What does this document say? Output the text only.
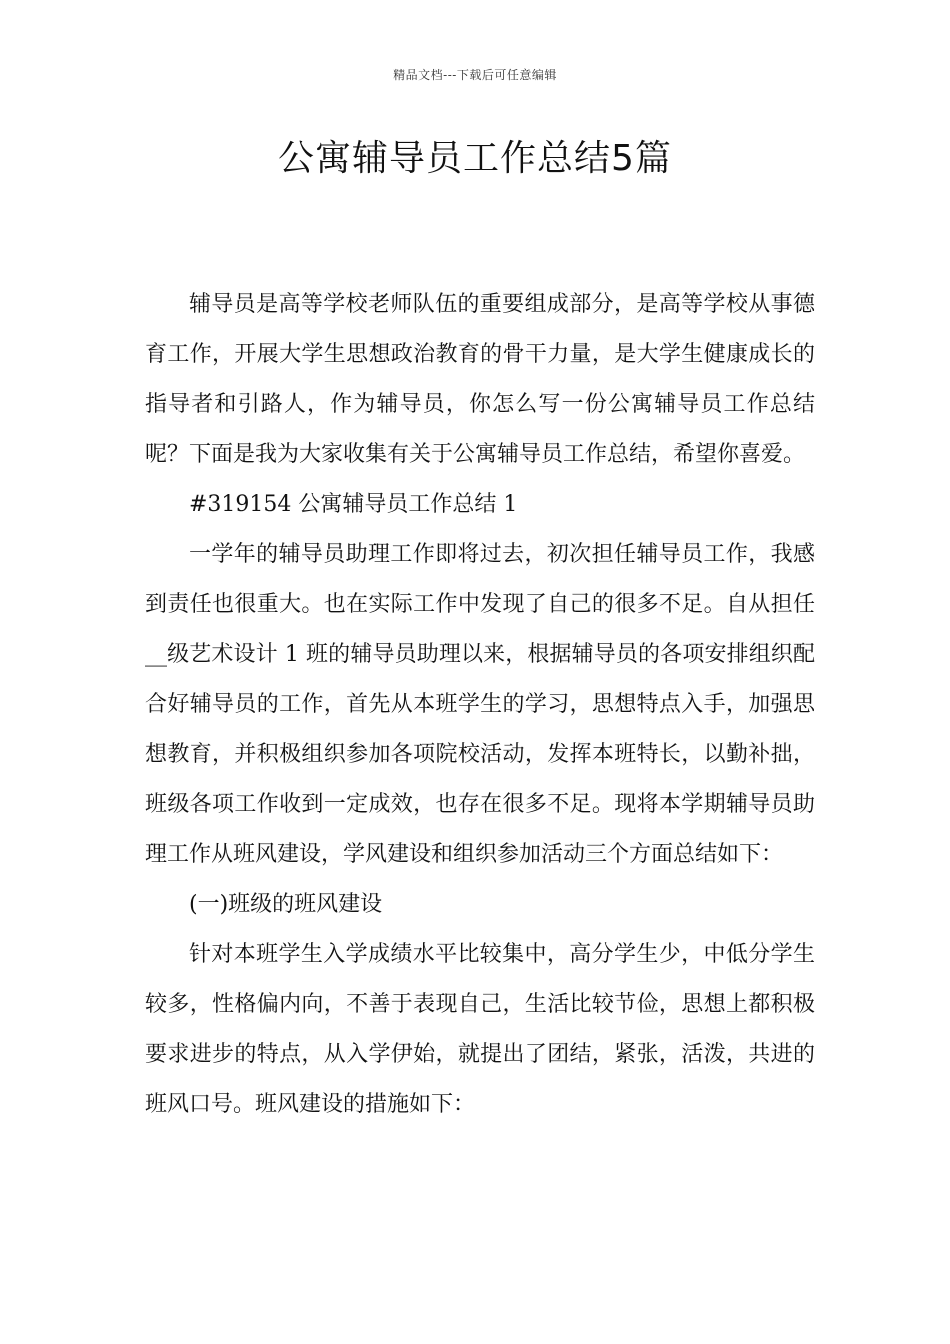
精品文档---下载后可任意编辑
公寓辅导员工作总结5篇

辅导员是高等学校老师队伍的重要组成部分，是高等学校从事德育工作，开展大学生思想政治教育的骨干力量，是大学生健康成长的指导者和引路人，作为辅导员，你怎么写一份公寓辅导员工作总结呢？下面是我为大家收集有关于公寓辅导员工作总结，希望你喜爱。

#319154 公寓辅导员工作总结 1

一学年的辅导员助理工作即将过去，初次担任辅导员工作，我感到责任也很重大。也在实际工作中发现了自己的很多不足。自从担任__级艺术设计 1 班的辅导员助理以来，根据辅导员的各项安排组织配合好辅导员的工作，首先从本班学生的学习，思想特点入手，加强思想教育，并积极组织参加各项院校活动，发挥本班特长，以勤补拙，班级各项工作收到一定成效，也存在很多不足。现将本学期辅导员助理工作从班风建设，学风建设和组织参加活动三个方面总结如下：

(一)班级的班风建设

针对本班学生入学成绩水平比较集中，高分学生少，中低分学生较多，性格偏内向，不善于表现自己，生活比较节俭，思想上都积极要求进步的特点，从入学伊始，就提出了团结，紧张，活泼，共进的班风口号。班风建设的措施如下：
